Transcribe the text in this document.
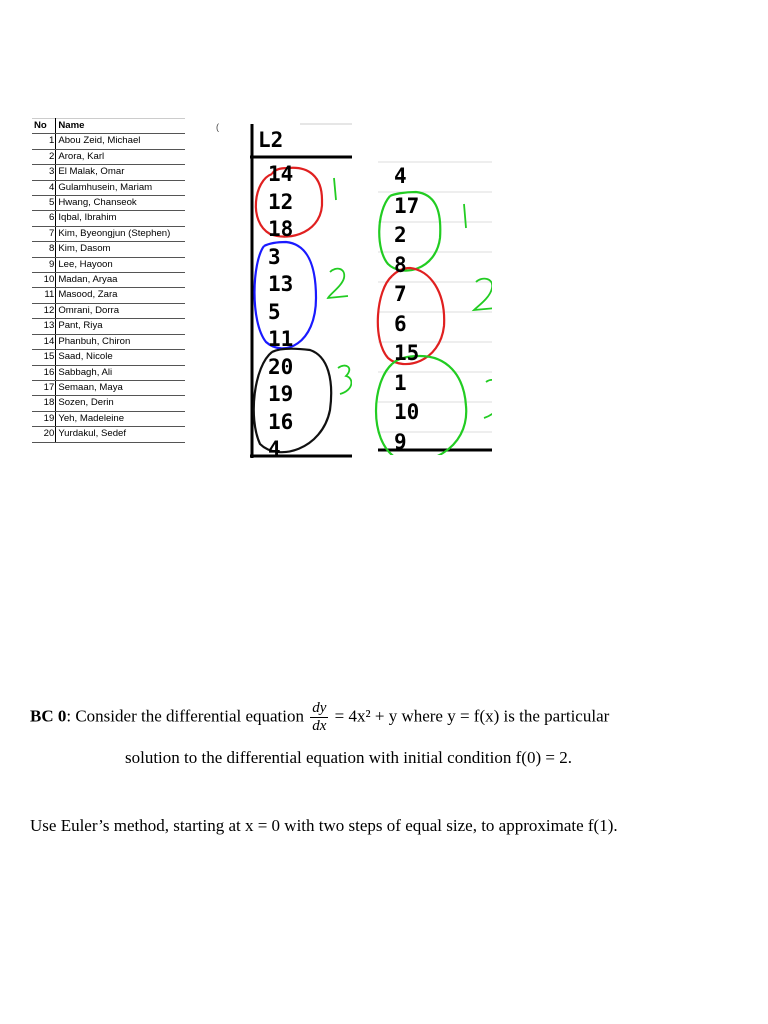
No	Name
1	Abou Zeid, Michael
2	Arora, Karl
3	El Malak, Omar
4	Gulamhusein, Mariam
5	Hwang, Chanseok
6	Iqbal, Ibrahim
7	Kim, Byeongjun (Stephen)
8	Kim, Dasom
9	Lee, Hayoon
10	Madan, Aryaa
11	Masood, Zara
12	Omrani, Dorra
13	Pant, Riya
14	Phanbuh, Chiron
15	Saad, Nicole
16	Sabbagh, Ali
17	Semaan, Maya
18	Sozen, Derin
19	Yeh, Madeleine
20	Yurdakul, Sedef
(
L2
14
12
18
3
13
5
11
20
19
16
4
4
17
2
8
7
6
15
1
10
9
BC 0: Consider the differential equation $\frac{dy}{dx} = 4x^2 + y$ where y = f(x) is the particular
solution to the differential equation with initial condition f(0) = 2.
Use Euler’s method, starting at x = 0 with two steps of equal size, to approximate f(1).
